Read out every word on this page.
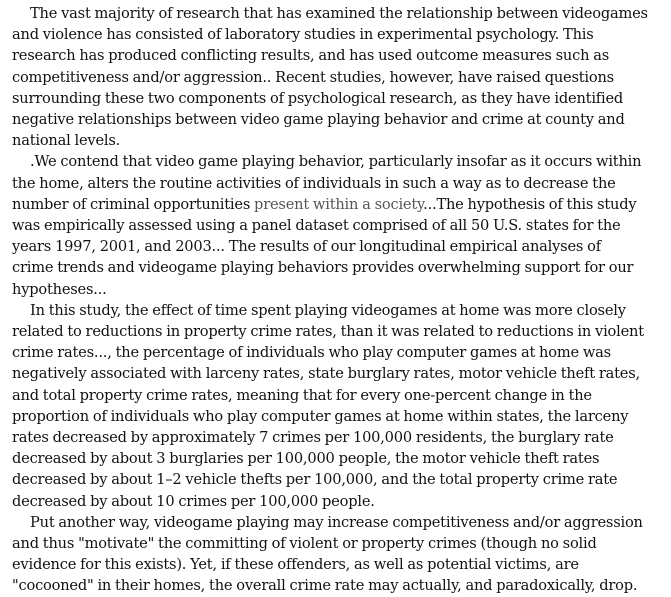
The vast majority of research that has examined the relationship between videogames
and violence has consisted of laboratory studies in experimental psychology. This
research has produced conflicting results, and has used outcome measures such as
competitiveness and/or aggression.. Recent studies, however, have raised questions
surrounding these two components of psychological research, as they have identified
negative relationships between video game playing behavior and crime at county and
national levels.

.We contend that video game playing behavior, particularly insofar as it occurs within
the home, alters the routine activities of individuals in such a way as to decrease the
number of criminal opportunities present within a society...The hypothesis of this study
was empirically assessed using a panel dataset comprised of all 50 U.S. states for the
years 1997, 2001, and 2003... The results of our longitudinal empirical analyses of
crime trends and videogame playing behaviors provides overwhelming support for our
hypotheses...

In this study, the effect of time spent playing videogames at home was more closely
related to reductions in property crime rates, than it was related to reductions in violent
crime rates..., the percentage of individuals who play computer games at home was
negatively associated with larceny rates, state burglary rates, motor vehicle theft rates,
and total property crime rates, meaning that for every one-percent change in the
proportion of individuals who play computer games at home within states, the larceny
rates decreased by approximately 7 crimes per 100,000 residents, the burglary rate
decreased by about 3 burglaries per 100,000 people, the motor vehicle theft rates
decreased by about 1–2 vehicle thefts per 100,000, and the total property crime rate
decreased by about 10 crimes per 100,000 people.

Put another way, videogame playing may increase competitiveness and/or aggression
and thus "motivate" the committing of violent or property crimes (though no solid
evidence for this exists). Yet, if these offenders, as well as potential victims, are
"cocooned" in their homes, the overall crime rate may actually, and paradoxically, drop.
